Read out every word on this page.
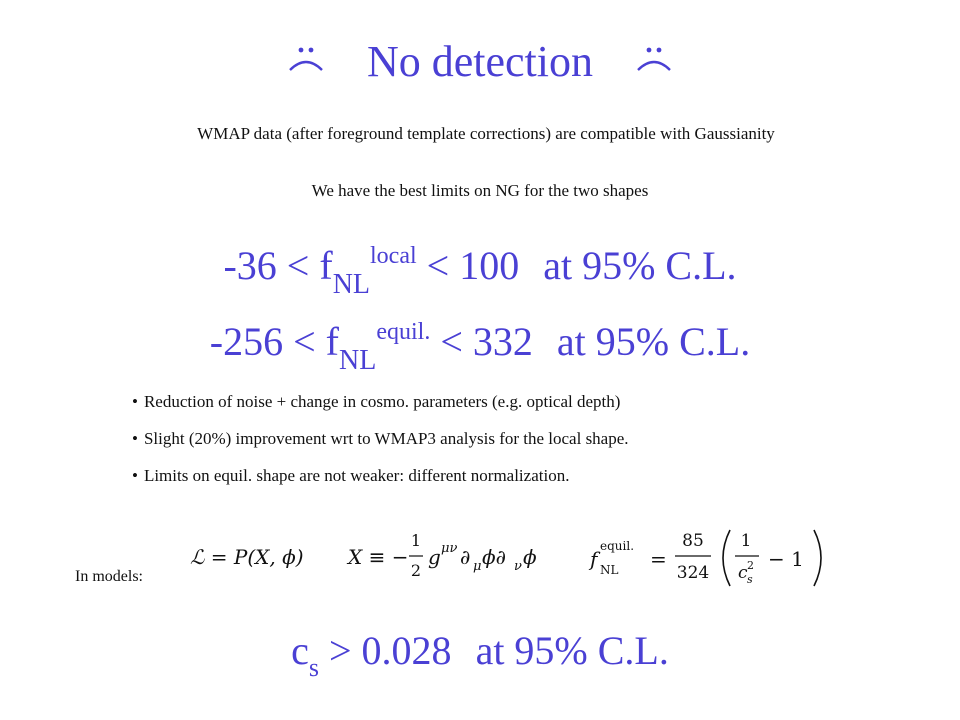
No detection
WMAP data (after foreground template corrections) are compatible with Gaussianity
We have the best limits on NG for the two shapes
$-36 < f_{NL}^{local} < 100$ at 95% C.L.
$-256 < f_{NL}^{equil.} < 332$ at 95% C.L.
• Reduction of noise + change in cosmo. parameters (e.g. optical depth)
• Slight (20%) improvement wrt to WMAP3 analysis for the local shape.
• Limits on equil. shape are not weaker: different normalization.
In models:
ℒ = P(X, ϕ) X ≡ −
1
2
g μν ∂ μ ϕ∂ ν ϕ	f
equil.
NL =
85
324
1
c 2
s
− 1
$c_s > 0.028$ at 95% C.L.
